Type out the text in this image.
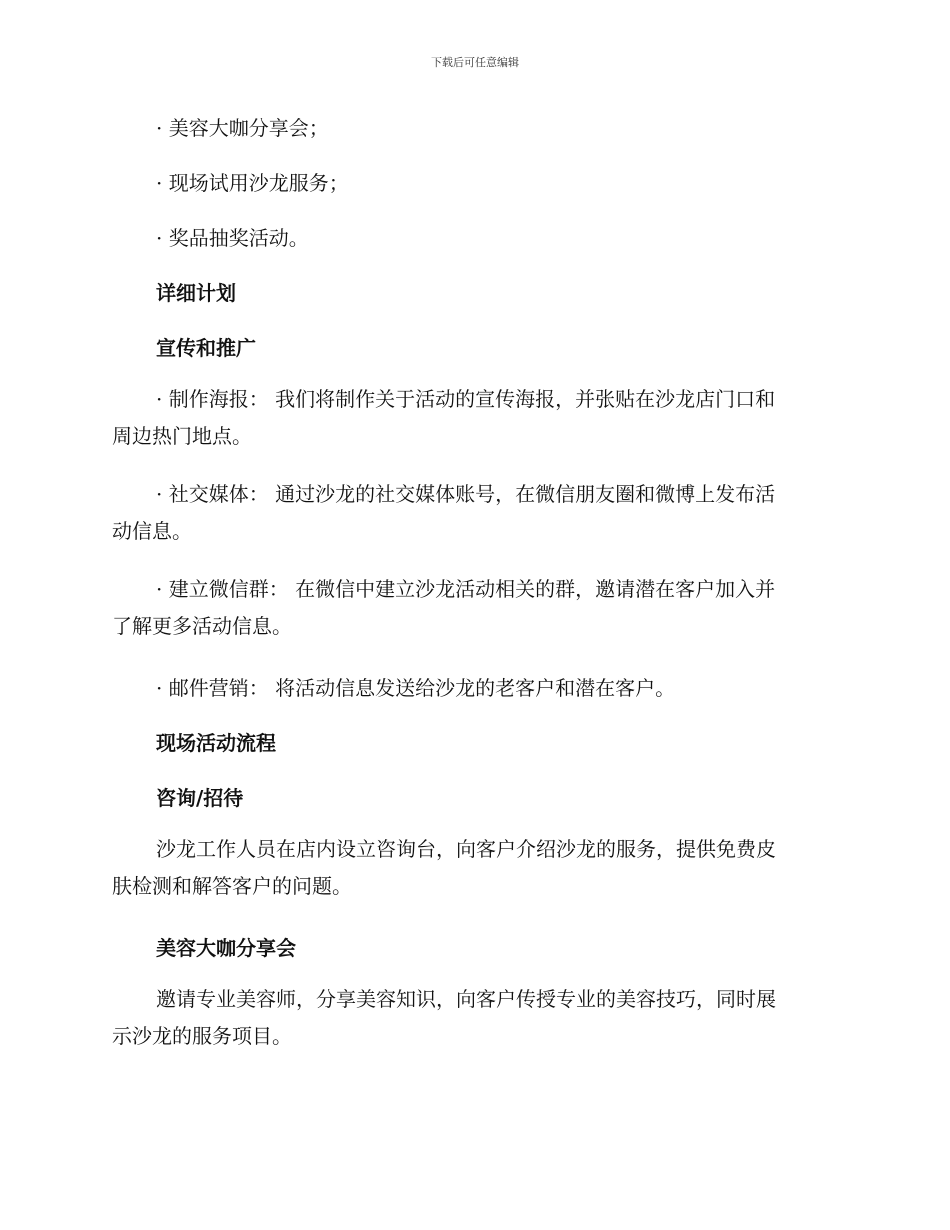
下载后可任意编辑
· 美容大咖分享会；
· 现场试用沙龙服务；
· 奖品抽奖活动。
详细计划
宣传和推广
· 制作海报： 我们将制作关于活动的宣传海报，并张贴在沙龙店门口和
周边热门地点。
· 社交媒体： 通过沙龙的社交媒体账号，在微信朋友圈和微博上发布活
动信息。
· 建立微信群： 在微信中建立沙龙活动相关的群，邀请潜在客户加入并
了解更多活动信息。
· 邮件营销： 将活动信息发送给沙龙的老客户和潜在客户。
现场活动流程
咨询/招待
沙龙工作人员在店内设立咨询台，向客户介绍沙龙的服务，提供免费皮
肤检测和解答客户的问题。
美容大咖分享会
邀请专业美容师，分享美容知识，向客户传授专业的美容技巧，同时展
示沙龙的服务项目。
